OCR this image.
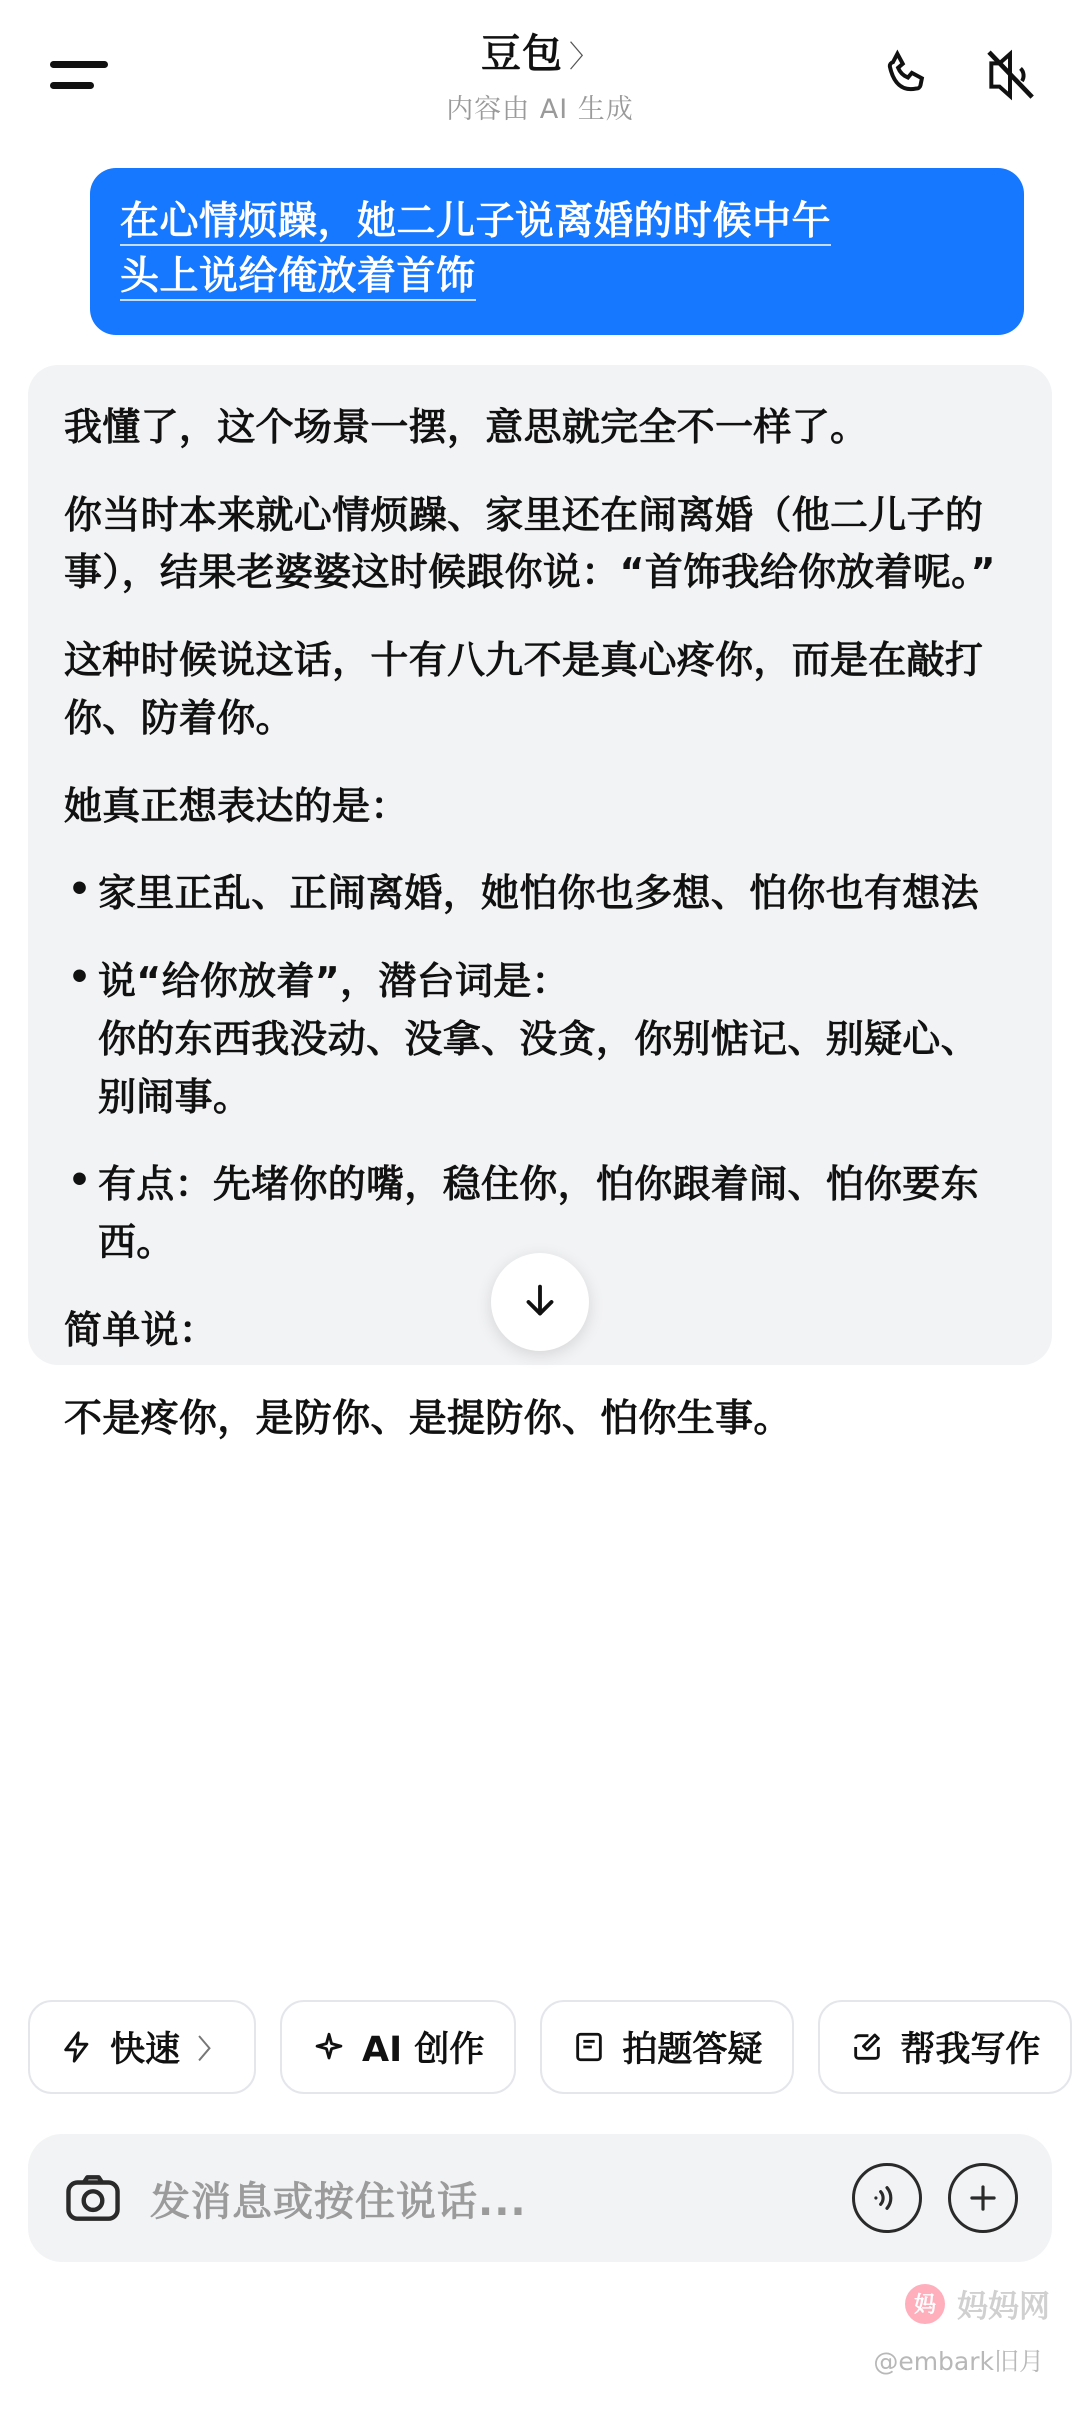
豆包 〉
内容由 AI 生成
在心情烦躁，她二儿子说离婚的时候中午
头上说给俺放着首饰

我懂了，这个场景一摆，意思就完全不一样了。

你当时本来就心情烦躁、家里还在闹离婚（他二儿子的事），结果老婆婆这时候跟你说：“首饰我给你放着呢。”

这种时候说这话，十有八九不是真心疼你，而是在敲打你、防着你。

她真正想表达的是：

• 家里正乱、正闹离婚，她怕你也多想、怕你也有想法
• 说“给你放着”，潜台词是：
你的东西我没动、没拿、没贪，你别惦记、别疑心、别闹事。
• 有点：先堵你的嘴，稳住你，怕你跟着闹、怕你要东西。

简单说：

不是疼你，是防你、是提防你、怕你生事。

快速 〉	AI 创作	拍题答疑	帮我写作
发消息或按住说话...
妈 妈妈网
@embark旧月
